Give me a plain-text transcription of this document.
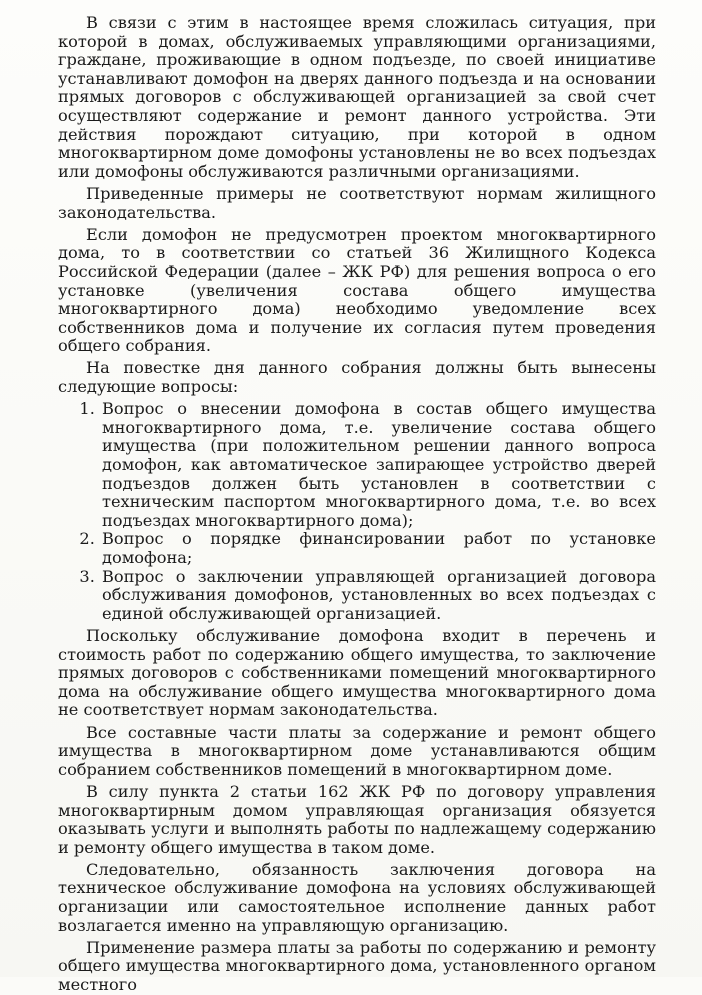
В связи с этим в настоящее время сложилась ситуация, при которой в домах, обслуживаемых управляющими организациями, граждане, проживающие в одном подъезде, по своей инициативе устанавливают домофон на дверях данного подъезда и на основании прямых договоров с обслуживающей организацией за свой счет осуществляют содержание и ремонт данного устройства. Эти действия порождают ситуацию, при которой в одном многоквартирном доме домофоны установлены не во всех подъездах или домофоны обслуживаются различными организациями.

Приведенные примеры не соответствуют нормам жилищного законодательства.

Если домофон не предусмотрен проектом многоквартирного дома, то в соответствии со статьей 36 Жилищного Кодекса Российской Федерации (далее – ЖК РФ) для решения вопроса о его установке (увеличения состава общего имущества многоквартирного дома) необходимо уведомление всех собственников дома и получение их согласия путем проведения общего собрания.

На повестке дня данного собрания должны быть вынесены следующие вопросы:

1. Вопрос о внесении домофона в состав общего имущества многоквартирного дома, т.е. увеличение состава общего имущества (при положительном решении данного вопроса домофон, как автоматическое запирающее устройство дверей подъездов должен быть установлен в соответствии с техническим паспортом многоквартирного дома, т.е. во всех подъездах многоквартирного дома);
2. Вопрос о порядке финансировании работ по установке домофона;
3. Вопрос о заключении управляющей организацией договора обслуживания домофонов, установленных во всех подъездах с единой обслуживающей организацией.

Поскольку обслуживание домофона входит в перечень и стоимость работ по содержанию общего имущества, то заключение прямых договоров с собственниками помещений многоквартирного дома на обслуживание общего имущества многоквартирного дома не соответствует нормам законодательства.

Все составные части платы за содержание и ремонт общего имущества в многоквартирном доме устанавливаются общим собранием собственников помещений в многоквартирном доме.

В силу пункта 2 статьи 162 ЖК РФ по договору управления многоквартирным домом управляющая организация обязуется оказывать услуги и выполнять работы по надлежащему содержанию и ремонту общего имущества в таком доме.

Следовательно, обязанность заключения договора на техническое обслуживание домофона на условиях обслуживающей организации или самостоятельное исполнение данных работ возлагается именно на управляющую организацию.

Применение размера платы за работы по содержанию и ремонту общего имущества многоквартирного дома, установленного органом местного
